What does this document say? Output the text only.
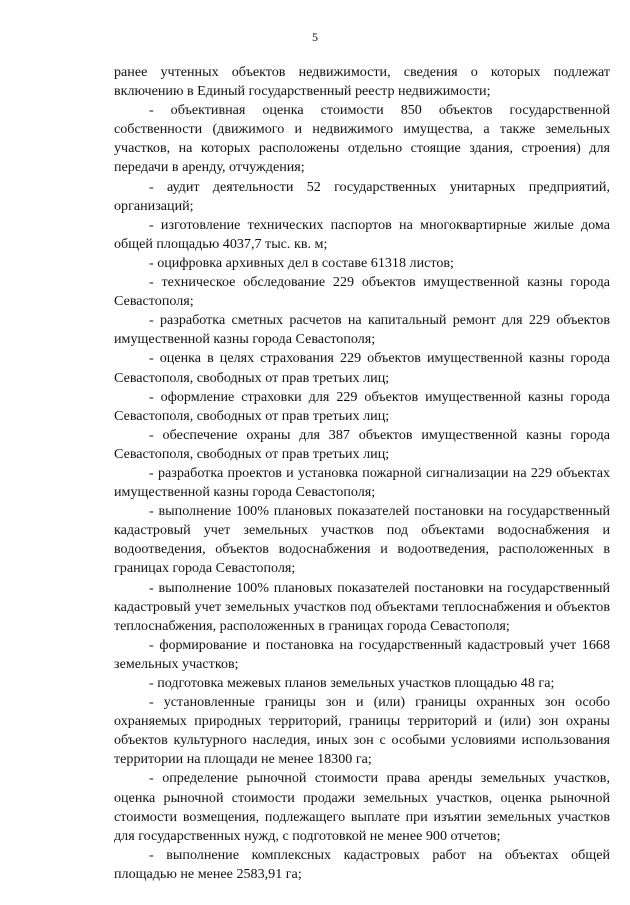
5

ранее учтенных объектов недвижимости, сведения о которых подлежат включению в Единый государственный реестр недвижимости;

- объективная оценка стоимости 850 объектов государственной собственности (движимого и недвижимого имущества, а также земельных участков, на которых расположены отдельно стоящие здания, строения) для передачи в аренду, отчуждения;

- аудит деятельности 52 государственных унитарных предприятий, организаций;

- изготовление технических паспортов на многоквартирные жилые дома общей площадью 4037,7 тыс. кв. м;

- оцифровка архивных дел в составе 61318 листов;

- техническое обследование 229 объектов имущественной казны города Севастополя;

- разработка сметных расчетов на капитальный ремонт для 229 объектов имущественной казны города Севастополя;

- оценка в целях страхования 229 объектов имущественной казны города Севастополя, свободных от прав третьих лиц;

- оформление страховки для 229 объектов имущественной казны города Севастополя, свободных от прав третьих лиц;

- обеспечение охраны для 387 объектов имущественной казны города Севастополя, свободных от прав третьих лиц;

- разработка проектов и установка пожарной сигнализации на 229 объектах имущественной казны города Севастополя;

- выполнение 100% плановых показателей постановки на государственный кадастровый учет земельных участков под объектами водоснабжения и водоотведения, объектов водоснабжения и водоотведения, расположенных в границах города Севастополя;

- выполнение 100% плановых показателей постановки на государственный кадастровый учет земельных участков под объектами теплоснабжения и объектов теплоснабжения, расположенных в границах города Севастополя;

- формирование и постановка на государственный кадастровый учет 1668 земельных участков;

- подготовка межевых планов земельных участков площадью 48 га;

- установленные границы зон и (или) границы охранных зон особо охраняемых природных территорий, границы территорий и (или) зон охраны объектов культурного наследия, иных зон с особыми условиями использования территории на площади не менее 18300 га;

- определение рыночной стоимости права аренды земельных участков, оценка рыночной стоимости продажи земельных участков, оценка рыночной стоимости возмещения, подлежащего выплате при изъятии земельных участков для государственных нужд, с подготовкой не менее 900 отчетов;

- выполнение комплексных кадастровых работ на объектах общей площадью не менее 2583,91 га;
